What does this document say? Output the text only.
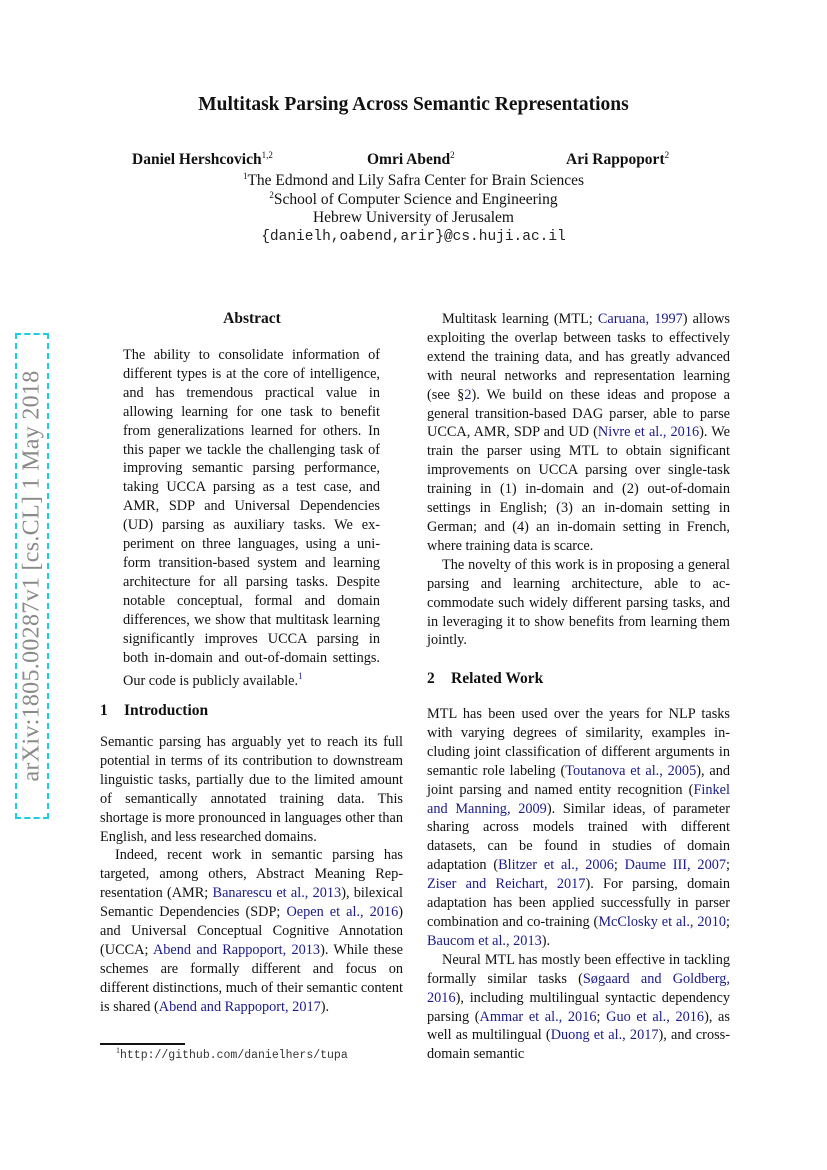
Multitask Parsing Across Semantic Representations
Daniel Hershcovich$^{1,2}$	Omri Abend$^2$	Ari Rappoport$^2$
$^1$The Edmond and Lily Safra Center for Brain Sciences
$^2$School of Computer Science and Engineering
Hebrew University of Jerusalem
{danielh,oabend,arir}@cs.huji.ac.il
arXiv:1805.00287v1 [cs.CL] 1 May 2018
Abstract

The ability to consolidate information of different types is at the core of intelligence, and has tremendous practical value in allowing learning for one task to benefit from generalizations learned for others. In this paper we tackle the challenging task of improving semantic parsing performance, taking UCCA parsing as a test case, and AMR, SDP and Universal Dependencies (UD) parsing as auxiliary tasks. We experiment on three languages, using a uniform transition-based system and learning architecture for all parsing tasks. Despite notable conceptual, formal and domain differences, we show that multitask learning significantly improves UCCA parsing in both in-domain and out-of-domain settings. Our code is publicly available.$^1$

1 Introduction

Semantic parsing has arguably yet to reach its full potential in terms of its contribution to downstream linguistic tasks, partially due to the limited amount of semantically annotated training data. This shortage is more pronounced in languages other than English, and less researched domains.

Indeed, recent work in semantic parsing has targeted, among others, Abstract Meaning Representation (AMR; Banarescu et al., 2013), bilexical Semantic Dependencies (SDP; Oepen et al., 2016) and Universal Conceptual Cognitive Annotation (UCCA; Abend and Rappoport, 2013). While these schemes are formally different and focus on different distinctions, much of their semantic content is shared (Abend and Rappoport, 2017).

$^1$http://github.com/danielhers/tupa

Multitask learning (MTL; Caruana, 1997) allows exploiting the overlap between tasks to effectively extend the training data, and has greatly advanced with neural networks and representation learning (see §2). We build on these ideas and propose a general transition-based DAG parser, able to parse UCCA, AMR, SDP and UD (Nivre et al., 2016). We train the parser using MTL to obtain significant improvements on UCCA parsing over single-task training in (1) in-domain and (2) out-of-domain settings in English; (3) an in-domain setting in German; and (4) an in-domain setting in French, where training data is scarce.

The novelty of this work is in proposing a general parsing and learning architecture, able to accommodate such widely different parsing tasks, and in leveraging it to show benefits from learning them jointly.

2 Related Work

MTL has been used over the years for NLP tasks with varying degrees of similarity, examples including joint classification of different arguments in semantic role labeling (Toutanova et al., 2005), and joint parsing and named entity recognition (Finkel and Manning, 2009). Similar ideas, of parameter sharing across models trained with different datasets, can be found in studies of domain adaptation (Blitzer et al., 2006; Daume III, 2007; Ziser and Reichart, 2017). For parsing, domain adaptation has been applied successfully in parser combination and co-training (McClosky et al., 2010; Baucom et al., 2013).

Neural MTL has mostly been effective in tackling formally similar tasks (Søgaard and Goldberg, 2016), including multilingual syntactic dependency parsing (Ammar et al., 2016; Guo et al., 2016), as well as multilingual (Duong et al., 2017), and cross-domain semantic
